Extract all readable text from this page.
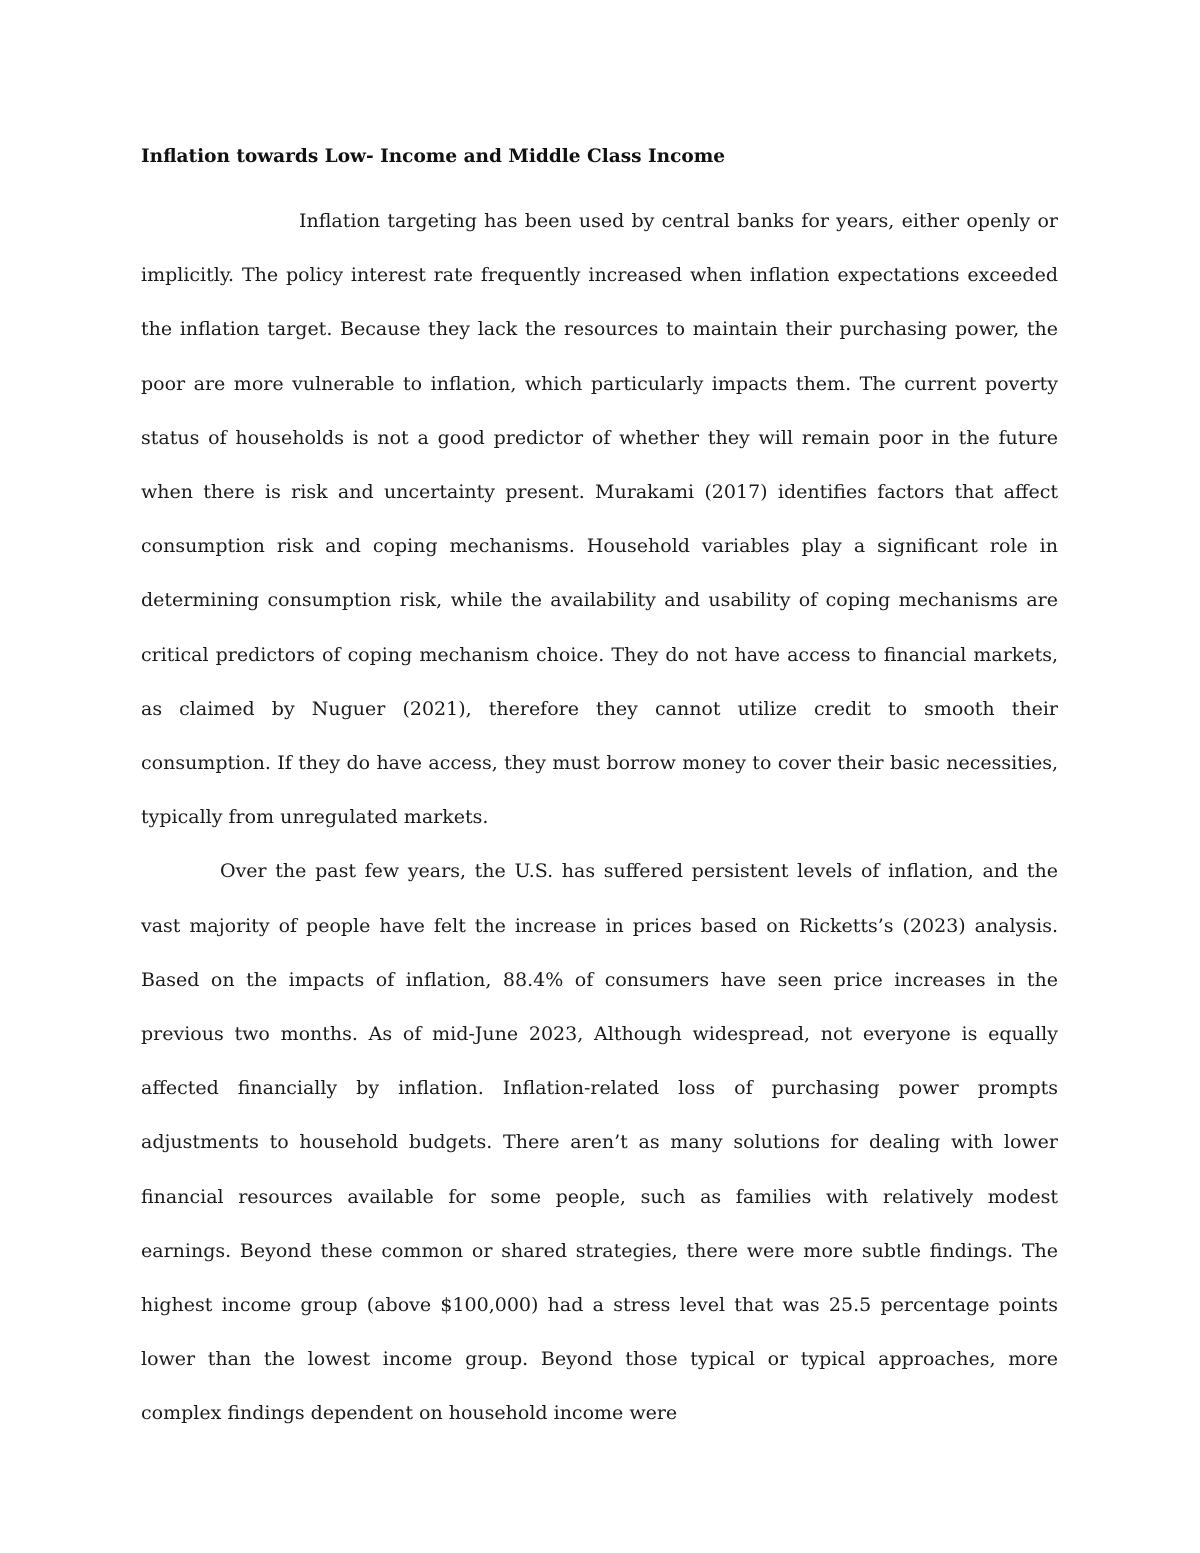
Inflation towards Low- Income and Middle Class Income

Inflation targeting has been used by central banks for years, either openly or implicitly. The policy interest rate frequently increased when inflation expectations exceeded the inflation target. Because they lack the resources to maintain their purchasing power, the poor are more vulnerable to inflation, which particularly impacts them. The current poverty status of households is not a good predictor of whether they will remain poor in the future when there is risk and uncertainty present. Murakami (2017) identifies factors that affect consumption risk and coping mechanisms. Household variables play a significant role in determining consumption risk, while the availability and usability of coping mechanisms are critical predictors of coping mechanism choice. They do not have access to financial markets, as claimed by Nuguer (2021), therefore they cannot utilize credit to smooth their consumption. If they do have access, they must borrow money to cover their basic necessities, typically from unregulated markets.

Over the past few years, the U.S. has suffered persistent levels of inflation, and the vast majority of people have felt the increase in prices based on Ricketts’s (2023) analysis. Based on the impacts of inflation, 88.4% of consumers have seen price increases in the previous two months. As of mid-June 2023, Although widespread, not everyone is equally affected financially by inflation. Inflation-related loss of purchasing power prompts adjustments to household budgets. There aren’t as many solutions for dealing with lower financial resources available for some people, such as families with relatively modest earnings. Beyond these common or shared strategies, there were more subtle findings. The highest income group (above $100,000) had a stress level that was 25.5 percentage points lower than the lowest income group. Beyond those typical or typical approaches, more complex findings dependent on household income were
